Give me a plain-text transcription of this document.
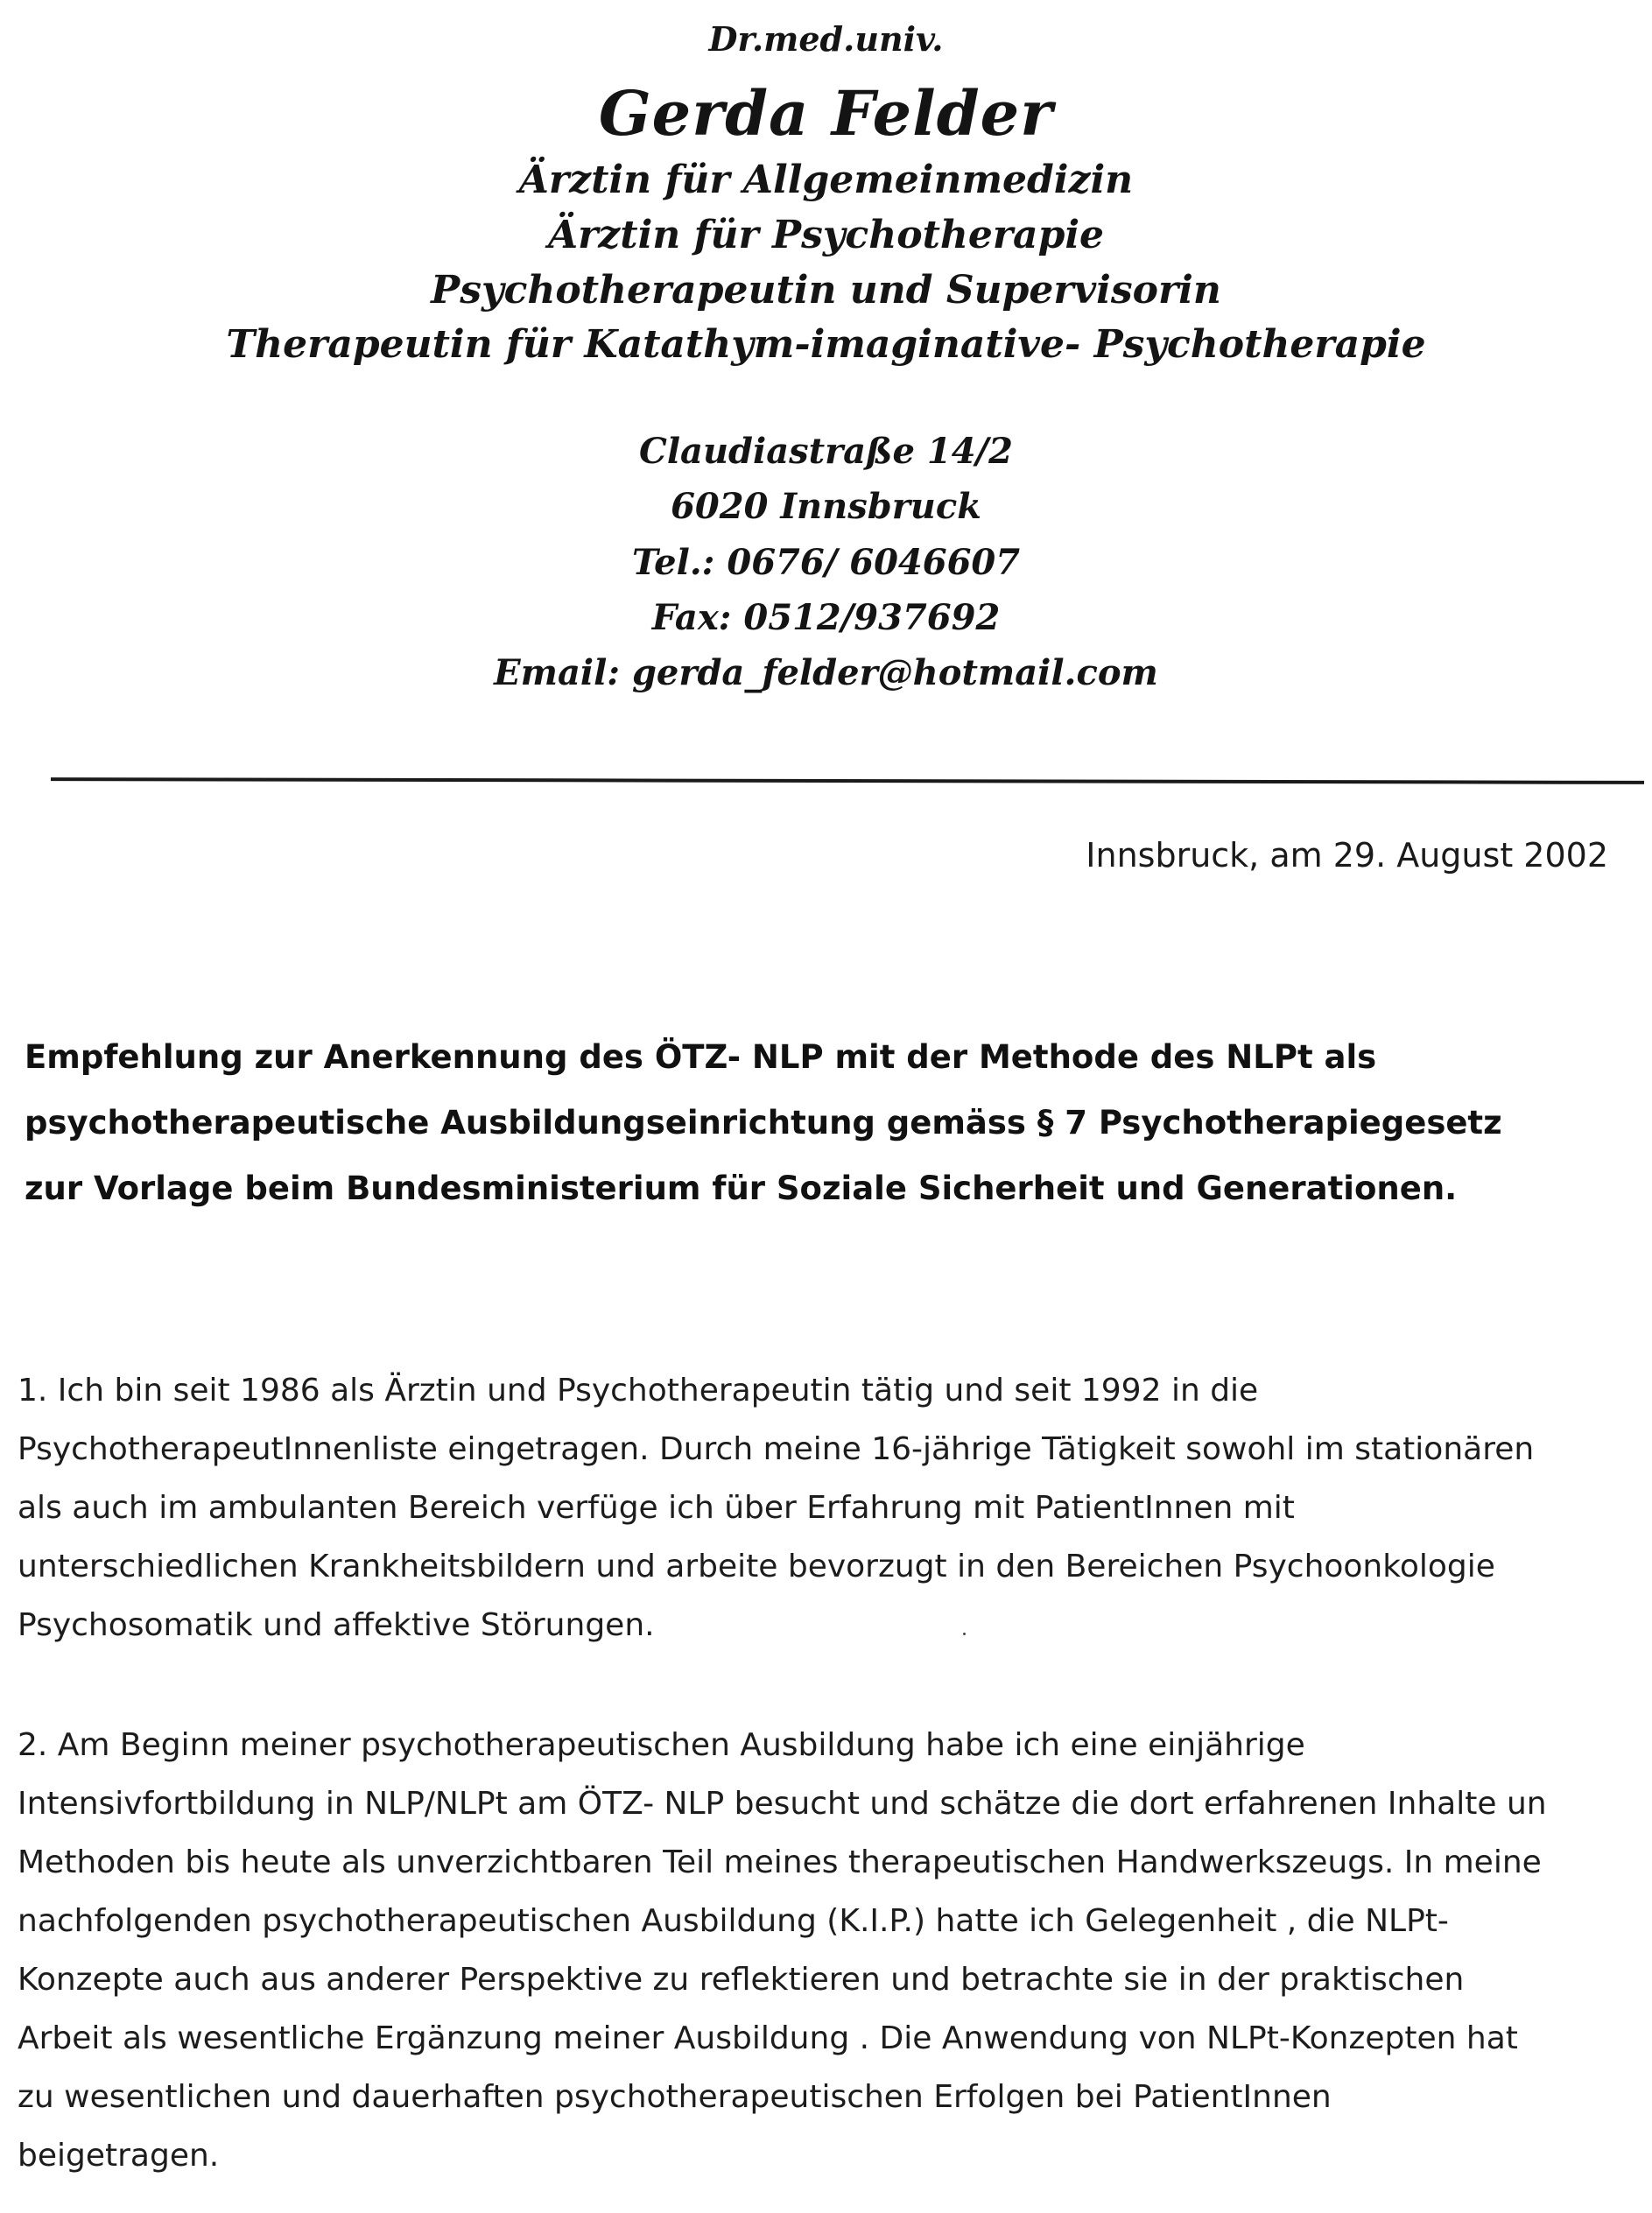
Dr.med.univ.
Gerda Felder
Ärztin für Allgemeinmedizin
Ärztin für Psychotherapie
Psychotherapeutin und Supervisorin
Therapeutin für Katathym-imaginative- Psychotherapie
Claudiastraße 14/2
6020 Innsbruck
Tel.: 0676/ 6046607
Fax: 0512/937692
Email: gerda_felder@hotmail.com
Innsbruck, am 29. August 2002
Empfehlung zur Anerkennung des ÖTZ- NLP mit der Methode des NLPt als
psychotherapeutische Ausbildungseinrichtung gemäss § 7 Psychotherapiegesetz
zur Vorlage beim Bundesministerium für Soziale Sicherheit und Generationen.
1. Ich bin seit 1986 als Ärztin und Psychotherapeutin tätig und seit 1992 in die
PsychotherapeutInnenliste eingetragen. Durch meine 16-jährige Tätigkeit sowohl im stationären
als auch im ambulanten Bereich verfüge ich über Erfahrung mit PatientInnen mit
unterschiedlichen Krankheitsbildern und arbeite bevorzugt in den Bereichen Psychoonkologie
Psychosomatik und affektive Störungen.
2. Am Beginn meiner psychotherapeutischen Ausbildung habe ich eine einjährige
Intensivfortbildung in NLP/NLPt am ÖTZ- NLP besucht und schätze die dort erfahrenen Inhalte un
Methoden bis heute als unverzichtbaren Teil meines therapeutischen Handwerkszeugs. In meine
nachfolgenden psychotherapeutischen Ausbildung (K.I.P.) hatte ich Gelegenheit , die NLPt-
Konzepte auch aus anderer Perspektive zu reflektieren und betrachte sie in der praktischen
Arbeit als wesentliche Ergänzung meiner Ausbildung . Die Anwendung von NLPt-Konzepten hat
zu wesentlichen und dauerhaften psychotherapeutischen Erfolgen bei PatientInnen
beigetragen.
